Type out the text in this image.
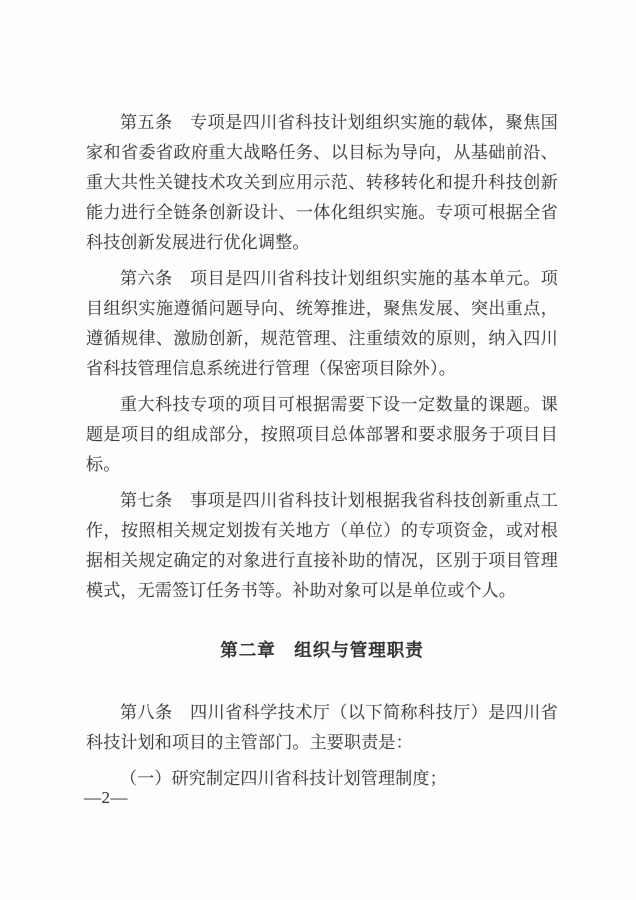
第五条　专项是四川省科技计划组织实施的载体，聚焦国家和省委省政府重大战略任务、以目标为导向，从基础前沿、重大共性关键技术攻关到应用示范、转移转化和提升科技创新能力进行全链条创新设计、一体化组织实施。专项可根据全省科技创新发展进行优化调整。
第六条　项目是四川省科技计划组织实施的基本单元。项目组织实施遵循问题导向、统筹推进，聚焦发展、突出重点，遵循规律、激励创新，规范管理、注重绩效的原则，纳入四川省科技管理信息系统进行管理（保密项目除外）。
重大科技专项的项目可根据需要下设一定数量的课题。课题是项目的组成部分，按照项目总体部署和要求服务于项目目标。
第七条　事项是四川省科技计划根据我省科技创新重点工作，按照相关规定划拨有关地方（单位）的专项资金，或对根据相关规定确定的对象进行直接补助的情况，区别于项目管理模式，无需签订任务书等。补助对象可以是单位或个人。
第二章　组织与管理职责
第八条　四川省科学技术厅（以下简称科技厅）是四川省科技计划和项目的主管部门。主要职责是：
（一）研究制定四川省科技计划管理制度；
—2—
